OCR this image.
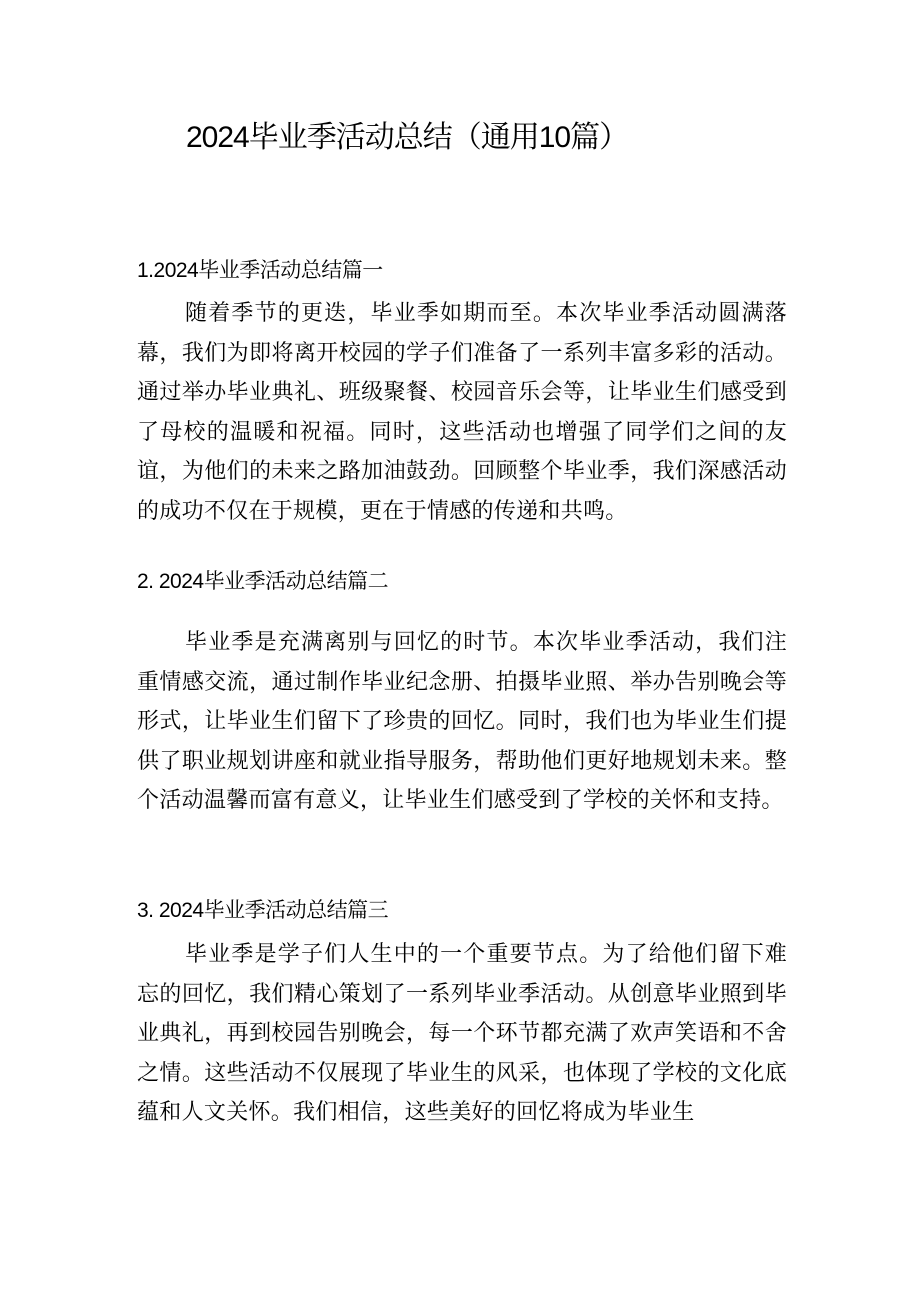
2024毕业季活动总结（通用10篇）
1.2024毕业季活动总结篇一

随着季节的更迭，毕业季如期而至。本次毕业季活动圆满落幕，我们为即将离开校园的学子们准备了一系列丰富多彩的活动。通过举办毕业典礼、班级聚餐、校园音乐会等，让毕业生们感受到了母校的温暖和祝福。同时，这些活动也增强了同学们之间的友谊，为他们的未来之路加油鼓劲。回顾整个毕业季，我们深感活动的成功不仅在于规模，更在于情感的传递和共鸣。

2. 2024毕业季活动总结篇二

毕业季是充满离别与回忆的时节。本次毕业季活动，我们注重情感交流，通过制作毕业纪念册、拍摄毕业照、举办告别晚会等形式，让毕业生们留下了珍贵的回忆。同时，我们也为毕业生们提供了职业规划讲座和就业指导服务，帮助他们更好地规划未来。整个活动温馨而富有意义，让毕业生们感受到了学校的关怀和支持。

3. 2024毕业季活动总结篇三

毕业季是学子们人生中的一个重要节点。为了给他们留下难忘的回忆，我们精心策划了一系列毕业季活动。从创意毕业照到毕业典礼，再到校园告别晚会，每一个环节都充满了欢声笑语和不舍之情。这些活动不仅展现了毕业生的风采，也体现了学校的文化底蕴和人文关怀。我们相信，这些美好的回忆将成为毕业生
